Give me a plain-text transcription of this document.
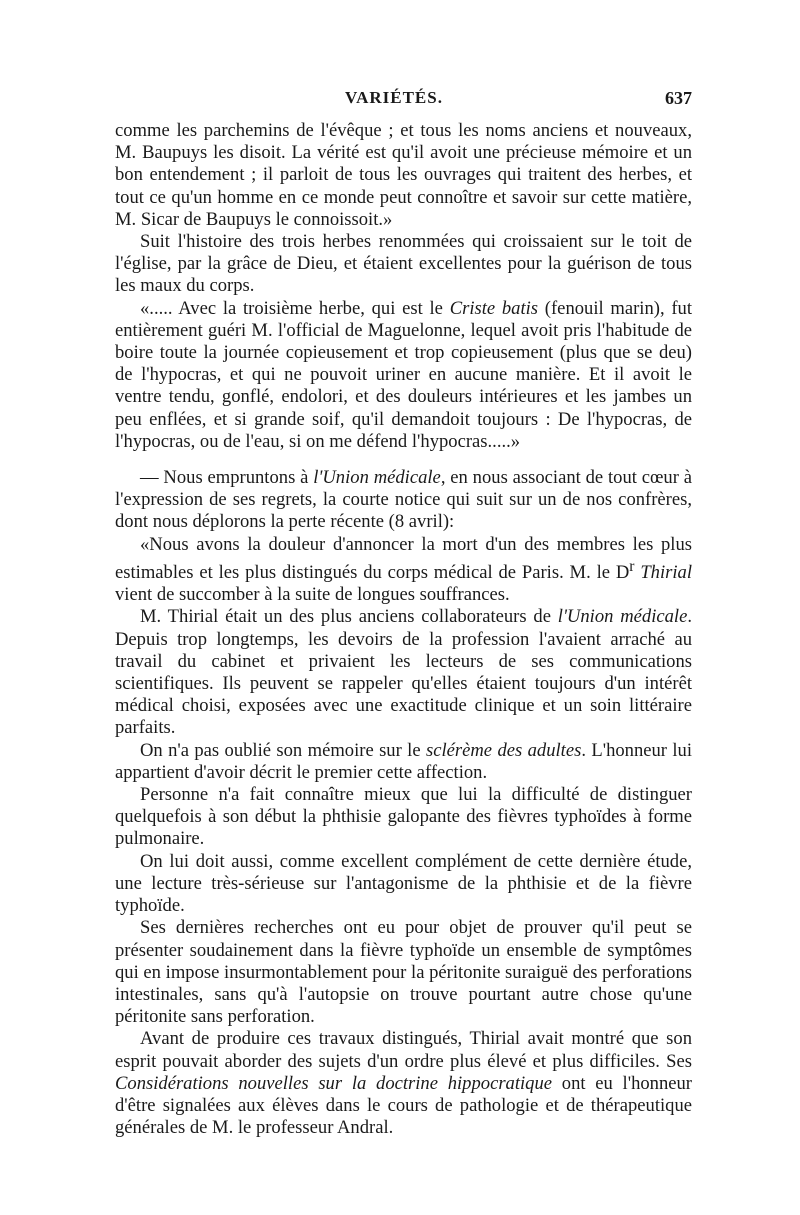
VARIÉTÉS.	637

comme les parchemins de l'évêque ; et tous les noms anciens et nouveaux, M. Baupuys les disoit. La vérité est qu'il avoit une précieuse mémoire et un bon entendement ; il parloit de tous les ouvrages qui traitent des herbes, et tout ce qu'un homme en ce monde peut connoître et savoir sur cette matière, M. Sicar de Baupuys le connoissoit.»

Suit l'histoire des trois herbes renommées qui croissaient sur le toit de l'église, par la grâce de Dieu, et étaient excellentes pour la guérison de tous les maux du corps.

«..... Avec la troisième herbe, qui est le Criste batis (fenouil marin), fut entièrement guéri M. l'official de Maguelonne, lequel avoit pris l'habitude de boire toute la journée copieusement et trop copieusement (plus que se deu) de l'hypocras, et qui ne pouvoit uriner en aucune manière. Et il avoit le ventre tendu, gonflé, endolori, et des douleurs intérieures et les jambes un peu enflées, et si grande soif, qu'il demandoit toujours : De l'hypocras, de l'hypocras, ou de l'eau, si on me défend l'hypocras.....»

— Nous empruntons à l'Union médicale, en nous associant de tout cœur à l'expression de ses regrets, la courte notice qui suit sur un de nos confrères, dont nous déplorons la perte récente (8 avril):

«Nous avons la douleur d'annoncer la mort d'un des membres les plus estimables et les plus distingués du corps médical de Paris. M. le $D^r$ Thirial vient de succomber à la suite de longues souffrances.

M. Thirial était un des plus anciens collaborateurs de l'Union médicale. Depuis trop longtemps, les devoirs de la profession l'avaient arraché au travail du cabinet et privaient les lecteurs de ses communications scientifiques. Ils peuvent se rappeler qu'elles étaient toujours d'un intérêt médical choisi, exposées avec une exactitude clinique et un soin littéraire parfaits.

On n'a pas oublié son mémoire sur le sclérème des adultes. L'honneur lui appartient d'avoir décrit le premier cette affection.

Personne n'a fait connaître mieux que lui la difficulté de distinguer quelquefois à son début la phthisie galopante des fièvres typhoïdes à forme pulmonaire.

On lui doit aussi, comme excellent complément de cette dernière étude, une lecture très-sérieuse sur l'antagonisme de la phthisie et de la fièvre typhoïde.

Ses dernières recherches ont eu pour objet de prouver qu'il peut se présenter soudainement dans la fièvre typhoïde un ensemble de symptômes qui en impose insurmontablement pour la péritonite suraiguë des perforations intestinales, sans qu'à l'autopsie on trouve pourtant autre chose qu'une péritonite sans perforation.

Avant de produire ces travaux distingués, Thirial avait montré que son esprit pouvait aborder des sujets d'un ordre plus élevé et plus difficiles. Ses Considérations nouvelles sur la doctrine hippocratique ont eu l'honneur d'être signalées aux élèves dans le cours de pathologie et de thérapeutique générales de M. le professeur Andral.
